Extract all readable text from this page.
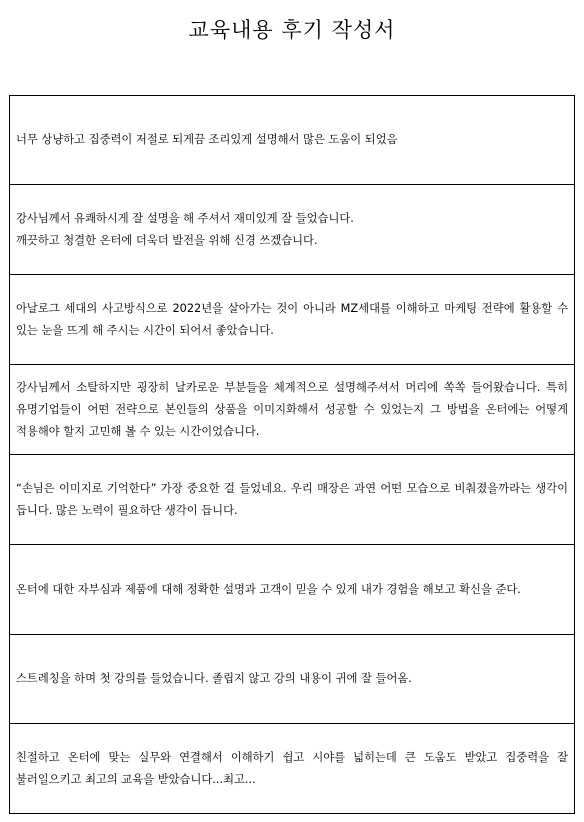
교육내용 후기 작성서
너무 상냥하고 집중력이 저절로 되게끔 조리있게 설명해서 많은 도움이 되었음

강사님께서 유쾌하시게 잘 설명을 해 주셔서 재미있게 잘 들었습니다.
깨끗하고 청결한 온터에 더욱더 발전을 위해 신경 쓰겠습니다.

아날로그 세대의 사고방식으로 2022년을 살아가는 것이 아니라 MZ세대를 이해하고 마케팅 전략에 활용할 수 있는 눈을 뜨게 해 주시는 시간이 되어서 좋았습니다.

강사님께서 소탈하지만 굉장히 날카로운 부분들을 체계적으로 설명해주셔서 머리에 쏙쏙 들어왔습니다. 특히 유명기업들이 어떤 전략으로 본인들의 상품을 이미지화해서 성공할 수 있었는지 그 방법을 온터에는 어떻게 적용해야 할지 고민해 볼 수 있는 시간이었습니다.

“손님은 이미지로 기억한다” 가장 중요한 걸 들었네요. 우리 매장은 과연 어떤 모습으로 비춰졌을까라는 생각이 듭니다. 많은 노력이 필요하단 생각이 듭니다.

온터에 대한 자부심과 제품에 대해 정확한 설명과 고객이 믿을 수 있게 내가 경험을 해보고 확신을 준다.

스트레칭을 하며 첫 강의를 들었습니다. 졸립지 않고 강의 내용이 귀에 잘 들어옴.

친절하고 온터에 맞는 실무와 연결해서 이해하기 쉽고 시야를 넓히는데 큰 도움도 받았고 집중력을 잘 불러일으키고 최고의 교육을 받았습니다...최고...
